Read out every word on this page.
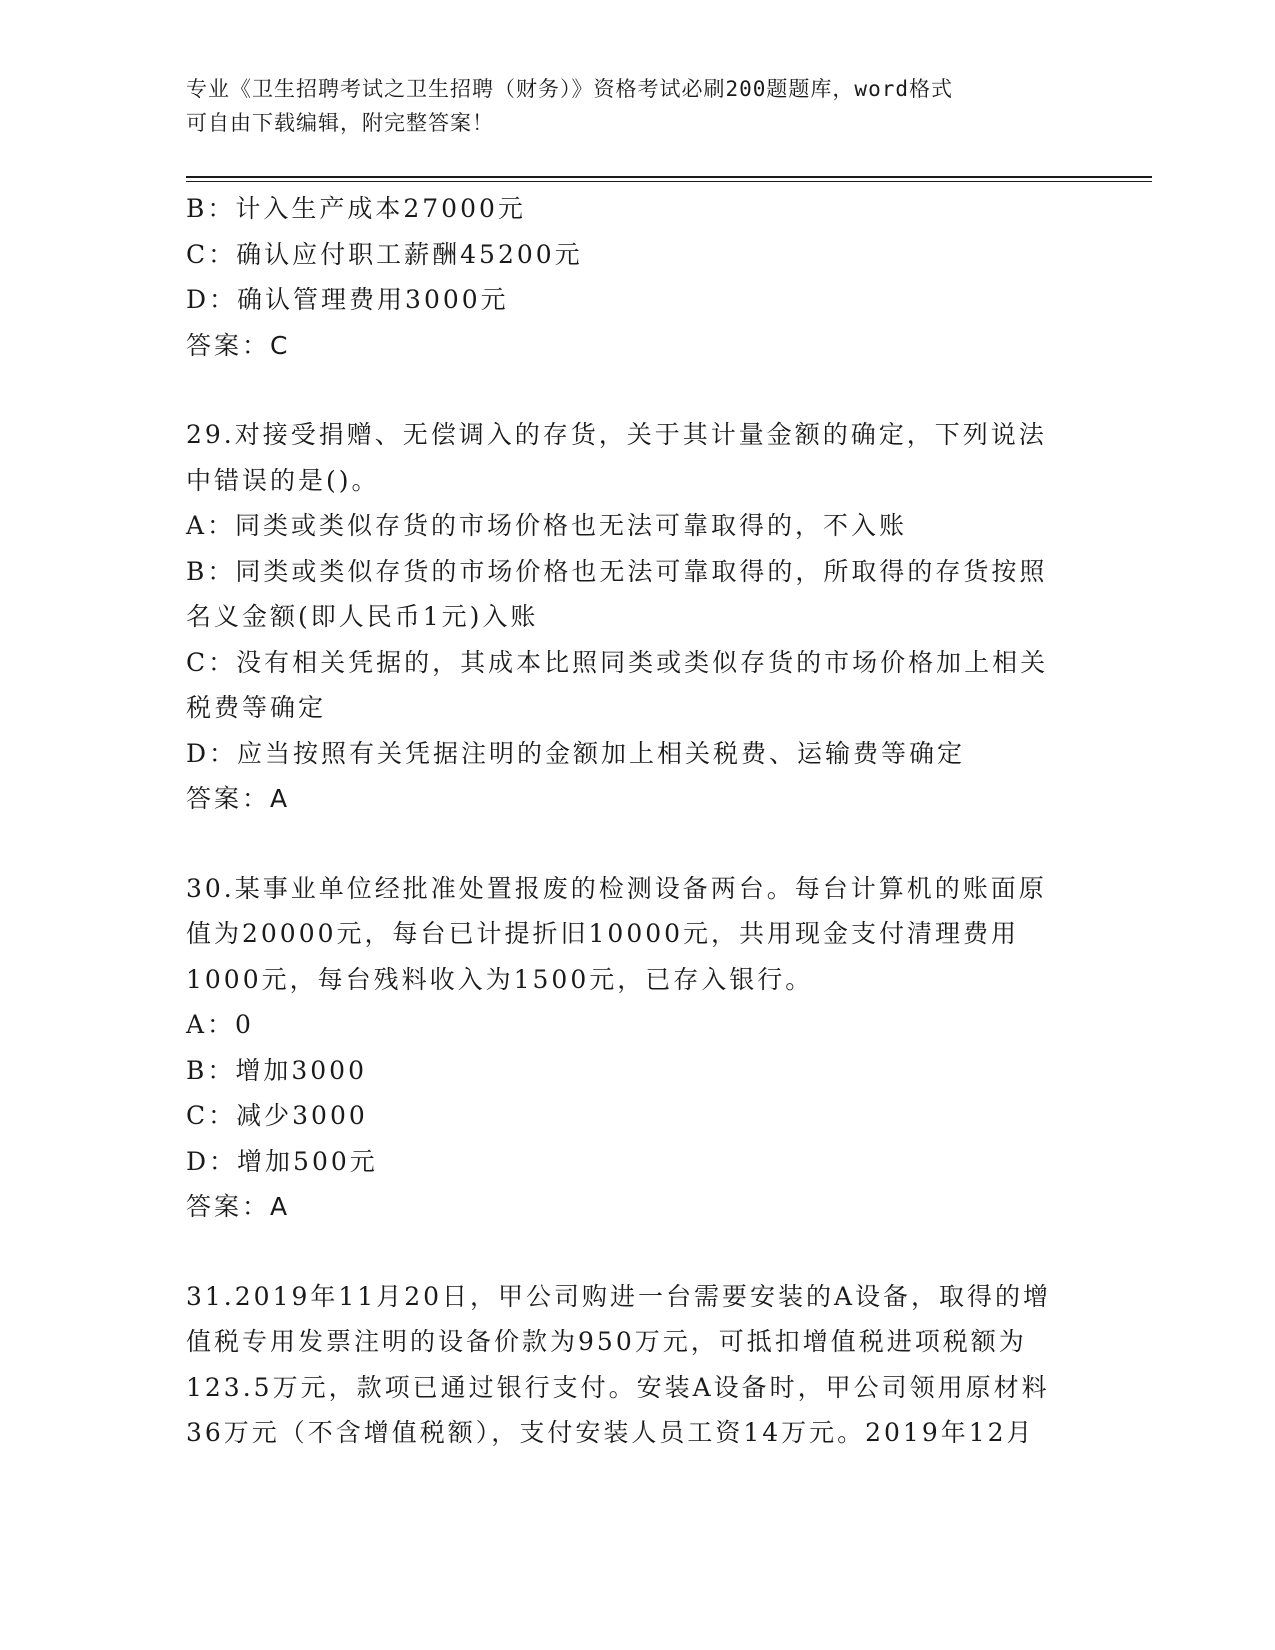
专业《卫生招聘考试之卫生招聘（财务）》资格考试必刷200题题库，word格式
可自由下载编辑，附完整答案！
B：计入生产成本27000元
C：确认应付职工薪酬45200元
D：确认管理费用3000元
答案：C
29.对接受捐赠、无偿调入的存货，关于其计量金额的确定，下列说法
中错误的是()。
A：同类或类似存货的市场价格也无法可靠取得的，不入账
B：同类或类似存货的市场价格也无法可靠取得的，所取得的存货按照
名义金额(即人民币1元)入账
C：没有相关凭据的，其成本比照同类或类似存货的市场价格加上相关
税费等确定
D：应当按照有关凭据注明的金额加上相关税费、运输费等确定
答案：A
30.某事业单位经批准处置报废的检测设备两台。每台计算机的账面原
值为20000元，每台已计提折旧10000元，共用现金支付清理费用
1000元，每台残料收入为1500元，已存入银行。
A：0
B：增加3000
C：减少3000
D：增加500元
答案：A
31.2019年11月20日，甲公司购进一台需要安装的A设备，取得的增
值税专用发票注明的设备价款为950万元，可抵扣增值税进项税额为
123.5万元，款项已通过银行支付。安装A设备时，甲公司领用原材料
36万元（不含增值税额），支付安装人员工资14万元。2019年12月
